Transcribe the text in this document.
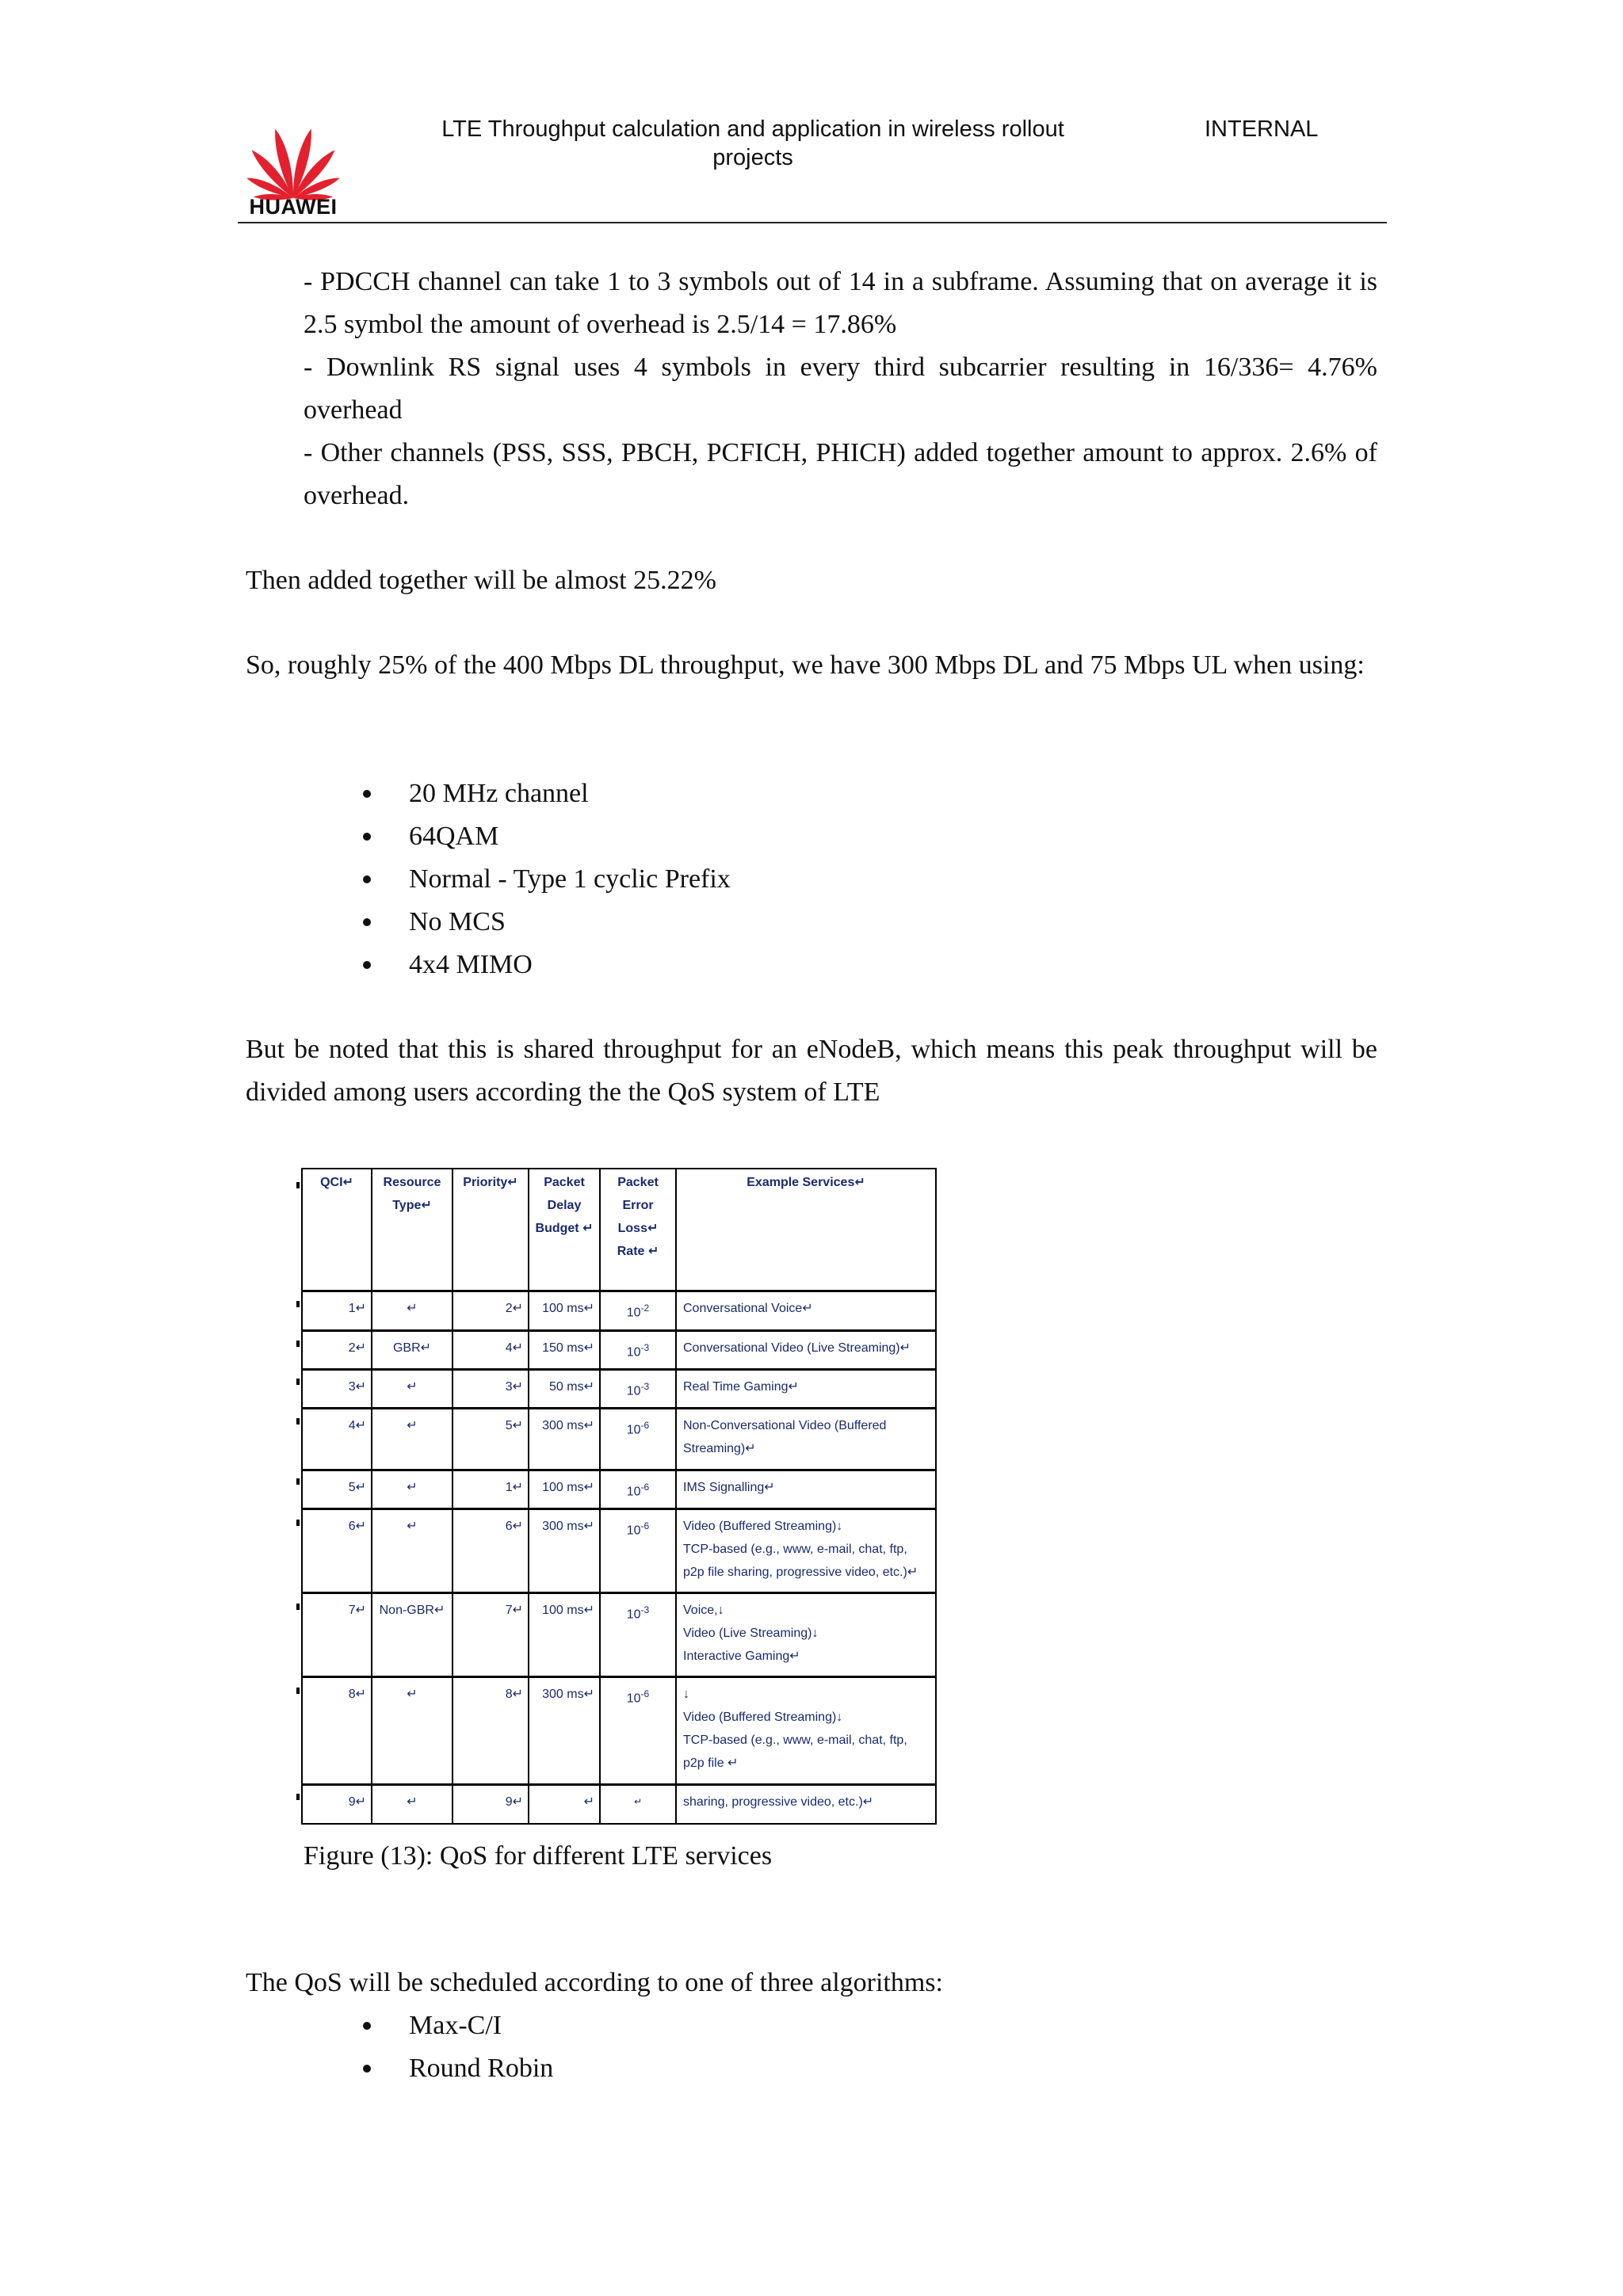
HUAWEI
LTE Throughput calculation and application in wireless rollout projects
INTERNAL

- PDCCH channel can take 1 to 3 symbols out of 14 in a subframe. Assuming that on average it is 2.5 symbol the amount of overhead is 2.5/14 = 17.86%

- Downlink RS signal uses 4 symbols in every third subcarrier resulting in 16/336= 4.76% overhead

- Other channels (PSS, SSS, PBCH, PCFICH, PHICH) added together amount to approx. 2.6% of overhead.

Then added together will be almost 25.22%

So, roughly 25% of the 400 Mbps DL throughput, we have 300 Mbps DL and 75 Mbps UL when using:

20 MHz channel
64QAM
Normal - Type 1 cyclic Prefix
No MCS
4x4 MIMO

But be noted that this is shared throughput for an eNodeB, which means this peak throughput will be divided among users according the the QoS system of LTE

QCI↵	Resource Type↵	Priority↵	Packet Delay Budget ↵	Packet Error Loss↵ Rate ↵	Example Services↵
1↵	↵	2↵	100 ms↵	$10^{-2}$	Conversational Voice↵

2↵	GBR↵	4↵	150 ms↵	$10^{-3}$	Conversational Video (Live Streaming)↵

3↵	↵	3↵	50 ms↵	$10^{-3}$	Real Time Gaming↵

4↵	↵	5↵	300 ms↵	$10^{-6}$	Non-Conversational Video (Buffered
Streaming)↵

5↵	↵	1↵	100 ms↵	$10^{-6}$	IMS Signalling↵

6↵	↵	6↵	300 ms↵	$10^{-6}$	Video (Buffered Streaming)↓
TCP-based (e.g., www, e-mail, chat, ftp,
p2p file sharing, progressive video, etc.)↵

7↵	Non-GBR↵	7↵	100 ms↵	$10^{-3}$	Voice,↓
Video (Live Streaming)↓
Interactive Gaming↵

8↵	↵	8↵	300 ms↵	$10^{-6}$	↓
Video (Buffered Streaming)↓
TCP-based (e.g., www, e-mail, chat, ftp,
p2p file ↵

9↵	↵	9↵	↵	↵	sharing, progressive video, etc.)↵
Figure (13): QoS for different LTE services

The QoS will be scheduled according to one of three algorithms:

Max-C/I
Round Robin
